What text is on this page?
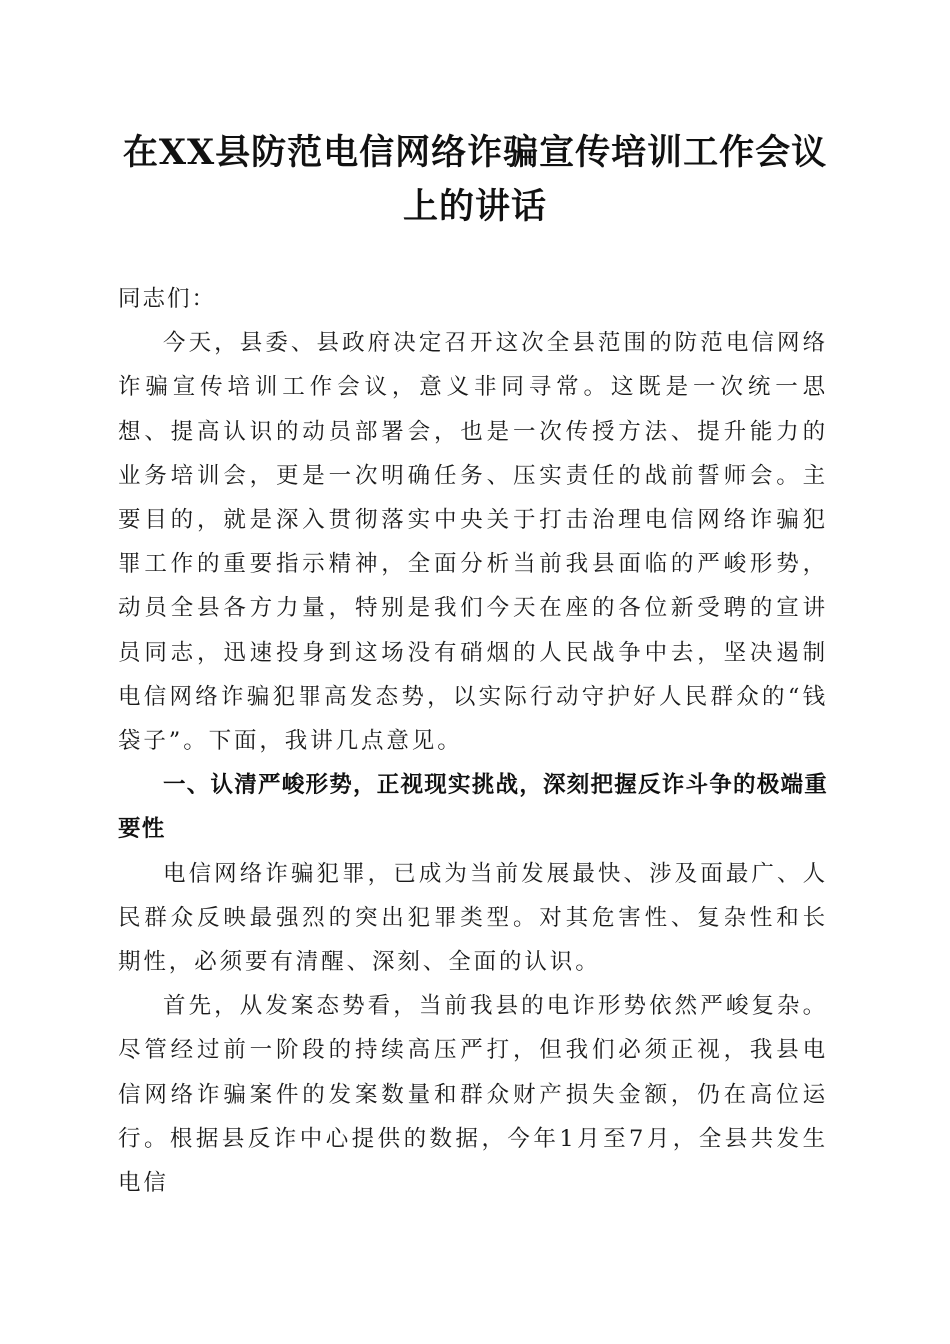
在XX县防范电信网络诈骗宣传培训工作会议
上的讲话

同志们：

今天，县委、县政府决定召开这次全县范围的防范电信网络诈骗宣传培训工作会议，意义非同寻常。这既是一次统一思想、提高认识的动员部署会，也是一次传授方法、提升能力的业务培训会，更是一次明确任务、压实责任的战前誓师会。主要目的，就是深入贯彻落实中央关于打击治理电信网络诈骗犯罪工作的重要指示精神，全面分析当前我县面临的严峻形势，动员全县各方力量，特别是我们今天在座的各位新受聘的宣讲员同志，迅速投身到这场没有硝烟的人民战争中去，坚决遏制电信网络诈骗犯罪高发态势，以实际行动守护好人民群众的“钱袋子”。下面，我讲几点意见。

一、认清严峻形势，正视现实挑战，深刻把握反诈斗争的极端重要性

电信网络诈骗犯罪，已成为当前发展最快、涉及面最广、人民群众反映最强烈的突出犯罪类型。对其危害性、复杂性和长期性，必须要有清醒、深刻、全面的认识。

首先，从发案态势看，当前我县的电诈形势依然严峻复杂。尽管经过前一阶段的持续高压严打，但我们必须正视，我县电信网络诈骗案件的发案数量和群众财产损失金额，仍在高位运行。根据县反诈中心提供的数据，今年1月至7月，全县共发生电信
